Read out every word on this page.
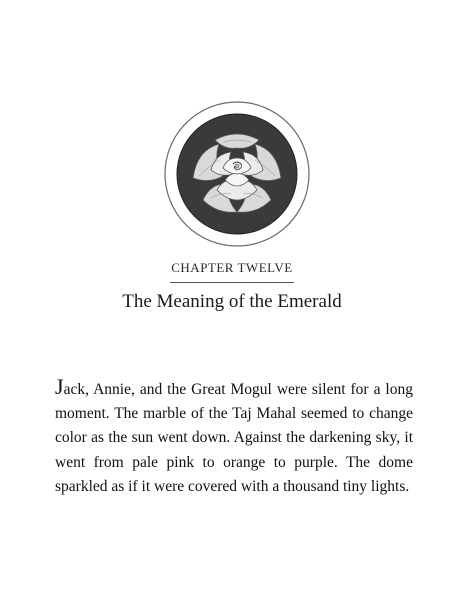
CHAPTER TWELVE
The Meaning of the Emerald

Jack, Annie, and the Great Mogul were silent for a long moment. The marble of the Taj Mahal seemed to change color as the sun went down. Against the darkening sky, it went from pale pink to orange to purple. The dome sparkled as if it were covered with a thousand tiny lights.
